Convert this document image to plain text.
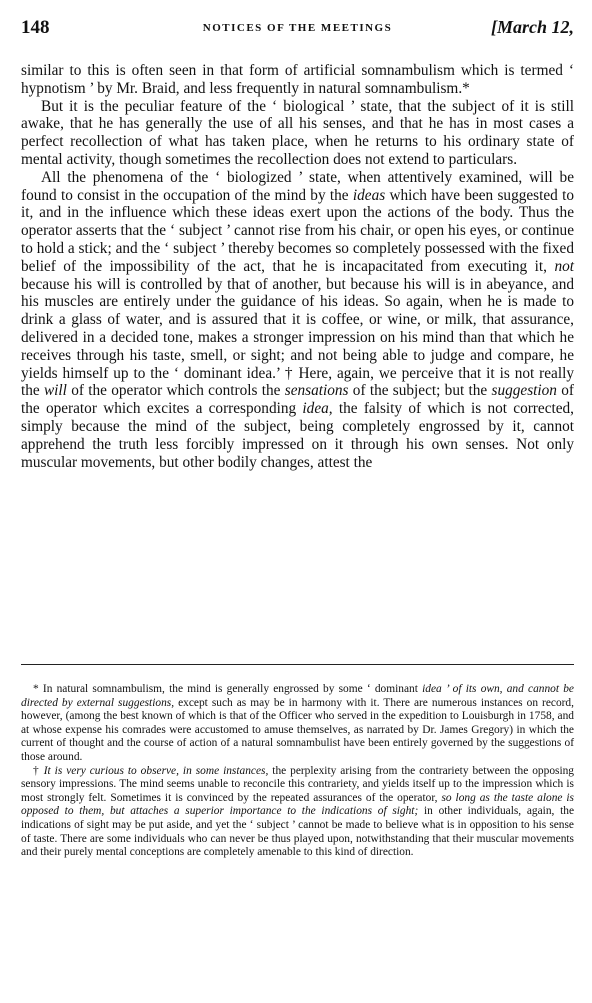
148	NOTICES OF THE MEETINGS	[March 12,

similar to this is often seen in that form of artificial somnambulism which is termed ‘ hypnotism ’ by Mr. Braid, and less frequently in natural somnambulism.*

But it is the peculiar feature of the ‘ biological ’ state, that the subject of it is still awake, that he has generally the use of all his senses, and that he has in most cases a perfect recollection of what has taken place, when he returns to his ordinary state of mental activity, though sometimes the recollection does not extend to particulars.

All the phenomena of the ‘ biologized ’ state, when attentively examined, will be found to consist in the occupation of the mind by the ideas which have been suggested to it, and in the influence which these ideas exert upon the actions of the body. Thus the operator asserts that the ‘ subject ’ cannot rise from his chair, or open his eyes, or continue to hold a stick; and the ‘ subject ’ thereby becomes so completely possessed with the fixed belief of the impossibility of the act, that he is incapacitated from executing it, not because his will is controlled by that of another, but because his will is in abeyance, and his muscles are entirely under the guidance of his ideas. So again, when he is made to drink a glass of water, and is assured that it is coffee, or wine, or milk, that assurance, delivered in a decided tone, makes a stronger impression on his mind than that which he receives through his taste, smell, or sight; and not being able to judge and compare, he yields himself up to the ‘ dominant idea.’ † Here, again, we perceive that it is not really the will of the operator which controls the sensations of the subject; but the suggestion of the operator which excites a corresponding idea, the falsity of which is not corrected, simply because the mind of the subject, being completely engrossed by it, cannot apprehend the truth less forcibly impressed on it through his own senses. Not only muscular movements, but other bodily changes, attest the

* In natural somnambulism, the mind is generally engrossed by some ‘ dominant idea ’ of its own, and cannot be directed by external suggestions, except such as may be in harmony with it. There are numerous instances on record, however, (among the best known of which is that of the Officer who served in the expedition to Louisburgh in 1758, and at whose expense his comrades were accustomed to amuse themselves, as narrated by Dr. James Gregory) in which the current of thought and the course of action of a natural somnambulist have been entirely governed by the suggestions of those around.

† It is very curious to observe, in some instances, the perplexity arising from the contrariety between the opposing sensory impressions. The mind seems unable to reconcile this contrariety, and yields itself up to the impression which is most strongly felt. Sometimes it is convinced by the repeated assurances of the operator, so long as the taste alone is opposed to them, but attaches a superior importance to the indications of sight; in other individuals, again, the indications of sight may be put aside, and yet the ‘ subject ’ cannot be made to believe what is in opposition to his sense of taste. There are some individuals who can never be thus played upon, notwithstanding that their muscular movements and their purely mental conceptions are completely amenable to this kind of direction.
